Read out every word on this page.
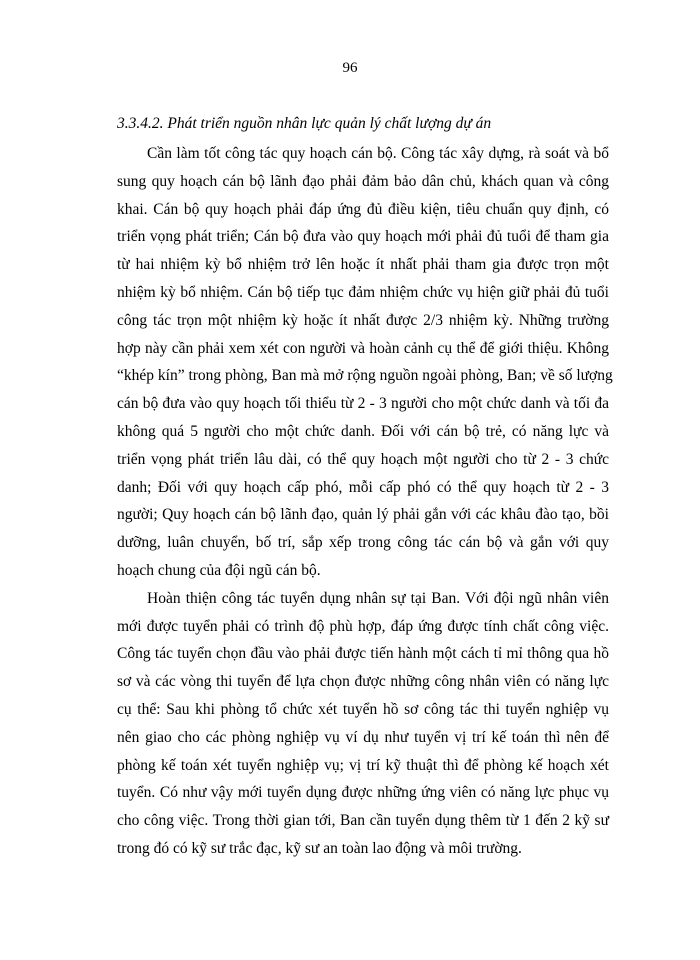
96
3.3.4.2. Phát triển nguồn nhân lực quản lý chất lượng dự án
Cần làm tốt công tác quy hoạch cán bộ. Công tác xây dựng, rà soát và bổ
sung quy hoạch cán bộ lãnh đạo phải đảm bảo dân chủ, khách quan và công
khai. Cán bộ quy hoạch phải đáp ứng đủ điều kiện, tiêu chuẩn quy định, có
triển vọng phát triển; Cán bộ đưa vào quy hoạch mới phải đủ tuổi để tham gia
từ hai nhiệm kỳ bổ nhiệm trở lên hoặc ít nhất phải tham gia được trọn một
nhiệm kỳ bổ nhiệm. Cán bộ tiếp tục đảm nhiệm chức vụ hiện giữ phải đủ tuổi
công tác trọn một nhiệm kỳ hoặc ít nhất được 2/3 nhiệm kỳ. Những trường
hợp này cần phải xem xét con người và hoàn cảnh cụ thể để giới thiệu. Không
“khép kín” trong phòng, Ban mà mở rộng nguồn ngoài phòng, Ban; về số lượng
cán bộ đưa vào quy hoạch tối thiểu từ 2 - 3 người cho một chức danh và tối đa
không quá 5 người cho một chức danh. Đối với cán bộ trẻ, có năng lực và
triển vọng phát triển lâu dài, có thể quy hoạch một người cho từ 2 - 3 chức
danh; Đối với quy hoạch cấp phó, mỗi cấp phó có thể quy hoạch từ 2 - 3
người; Quy hoạch cán bộ lãnh đạo, quản lý phải gắn với các khâu đào tạo, bồi
dưỡng, luân chuyển, bố trí, sắp xếp trong công tác cán bộ và gắn với quy
hoạch chung của đội ngũ cán bộ.
Hoàn thiện công tác tuyển dụng nhân sự tại Ban. Với đội ngũ nhân viên
mới được tuyển phải có trình độ phù hợp, đáp ứng được tính chất công việc.
Công tác tuyển chọn đầu vào phải được tiến hành một cách tỉ mỉ thông qua hồ
sơ và các vòng thi tuyển để lựa chọn được những công nhân viên có năng lực
cụ thể: Sau khi phòng tổ chức xét tuyển hồ sơ công tác thi tuyển nghiệp vụ
nên giao cho các phòng nghiệp vụ ví dụ như tuyển vị trí kế toán thì nên để
phòng kế toán xét tuyển nghiệp vụ; vị trí kỹ thuật thì để phòng kế hoạch xét
tuyển. Có như vậy mới tuyển dụng được những ứng viên có năng lực phục vụ
cho công việc. Trong thời gian tới, Ban cần tuyển dụng thêm từ 1 đến 2 kỹ sư
trong đó có kỹ sư trắc đạc, kỹ sư an toàn lao động và môi trường.
